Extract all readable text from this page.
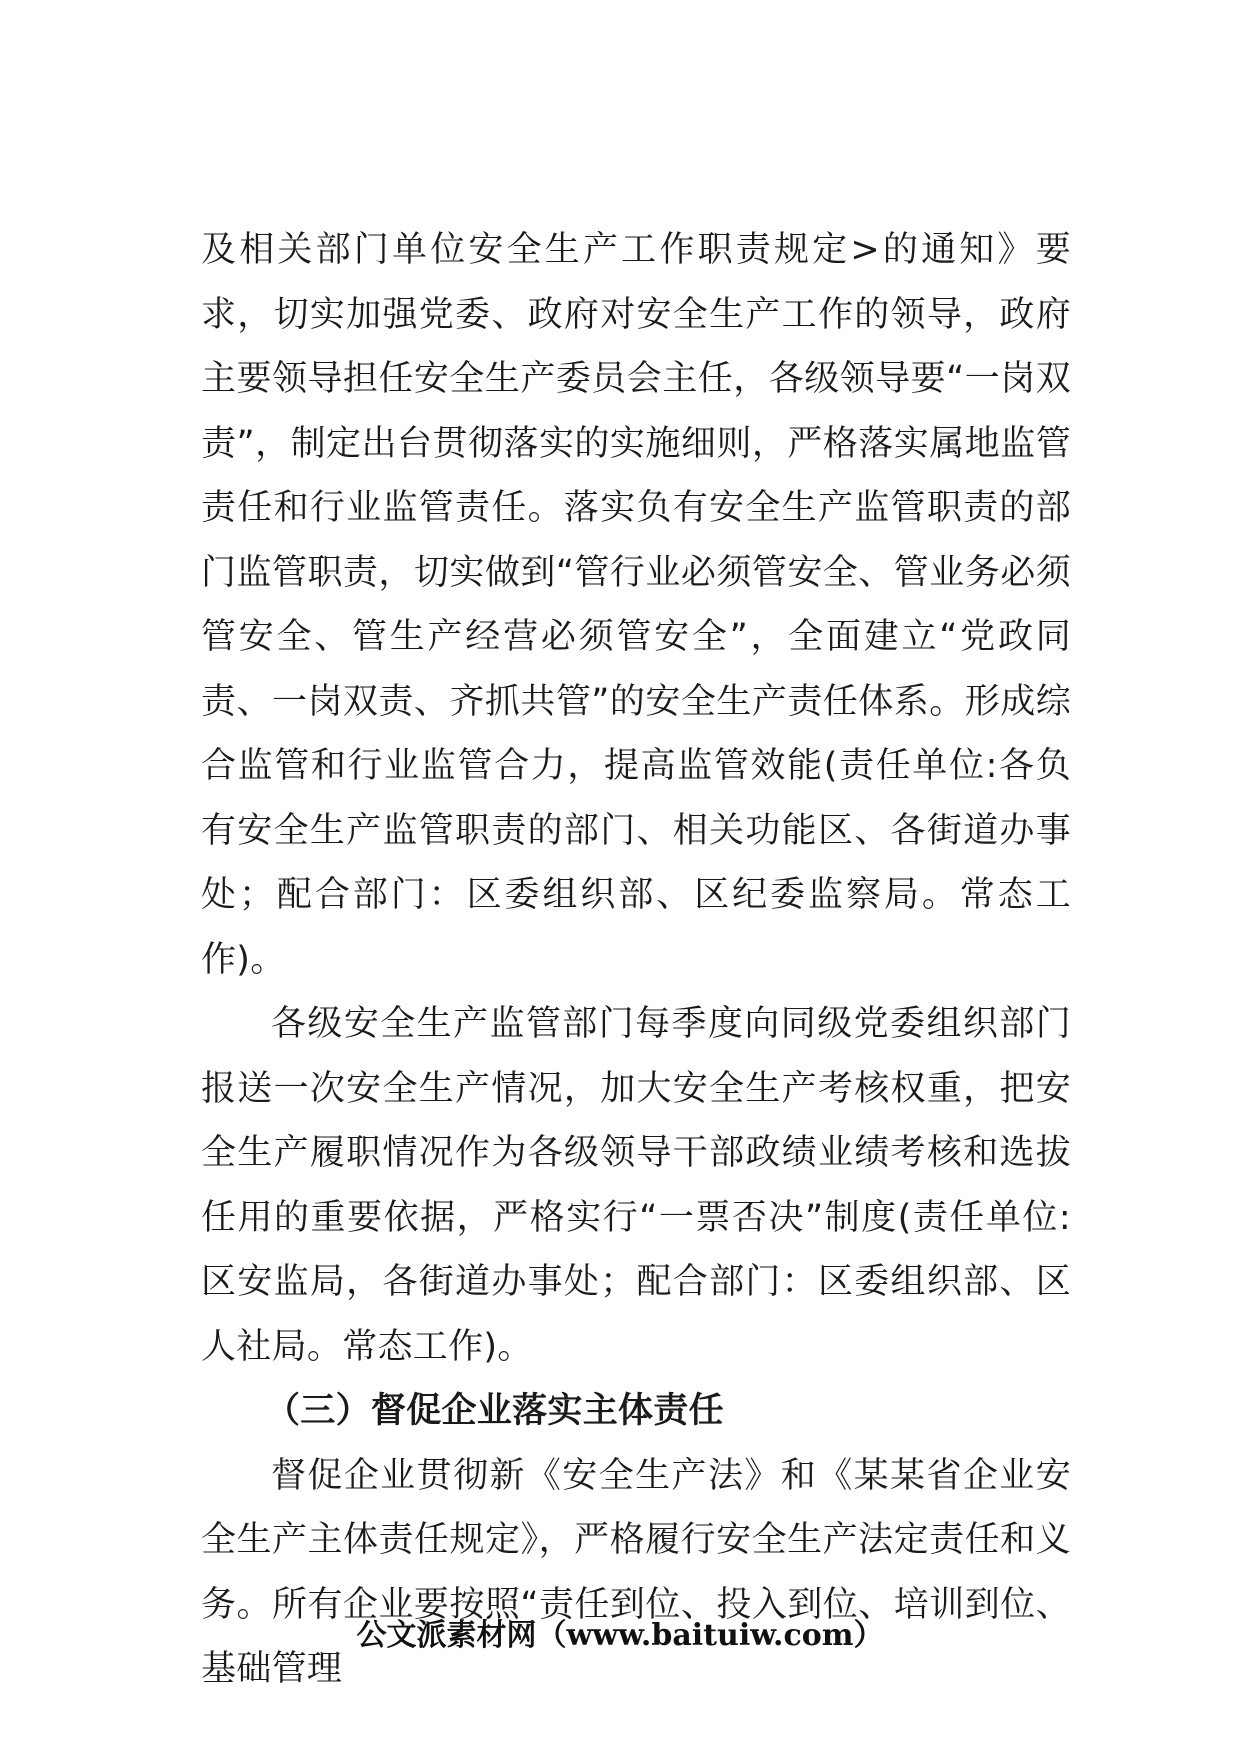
及相关部门单位安全生产工作职责规定>的通知》要求，切实加强党委、政府对安全生产工作的领导，政府主要领导担任安全生产委员会主任，各级领导要“一岗双责”，制定出台贯彻落实的实施细则，严格落实属地监管责任和行业监管责任。落实负有安全生产监管职责的部门监管职责，切实做到“管行业必须管安全、管业务必须管安全、管生产经营必须管安全”，全面建立“党政同责、一岗双责、齐抓共管”的安全生产责任体系。形成综合监管和行业监管合力，提高监管效能(责任单位:各负有安全生产监管职责的部门、相关功能区、各街道办事处；配合部门：区委组织部、区纪委监察局。常态工作)。

各级安全生产监管部门每季度向同级党委组织部门报送一次安全生产情况，加大安全生产考核权重，把安全生产履职情况作为各级领导干部政绩业绩考核和选拔任用的重要依据，严格实行“一票否决”制度(责任单位:区安监局，各街道办事处；配合部门：区委组织部、区人社局。常态工作)。

（三）督促企业落实主体责任

督促企业贯彻新《安全生产法》和《某某省企业安全生产主体责任规定》，严格履行安全生产法定责任和义务。所有企业要按照“责任到位、投入到位、培训到位、基础管理

公文派素材网（www.baituiw.com）
